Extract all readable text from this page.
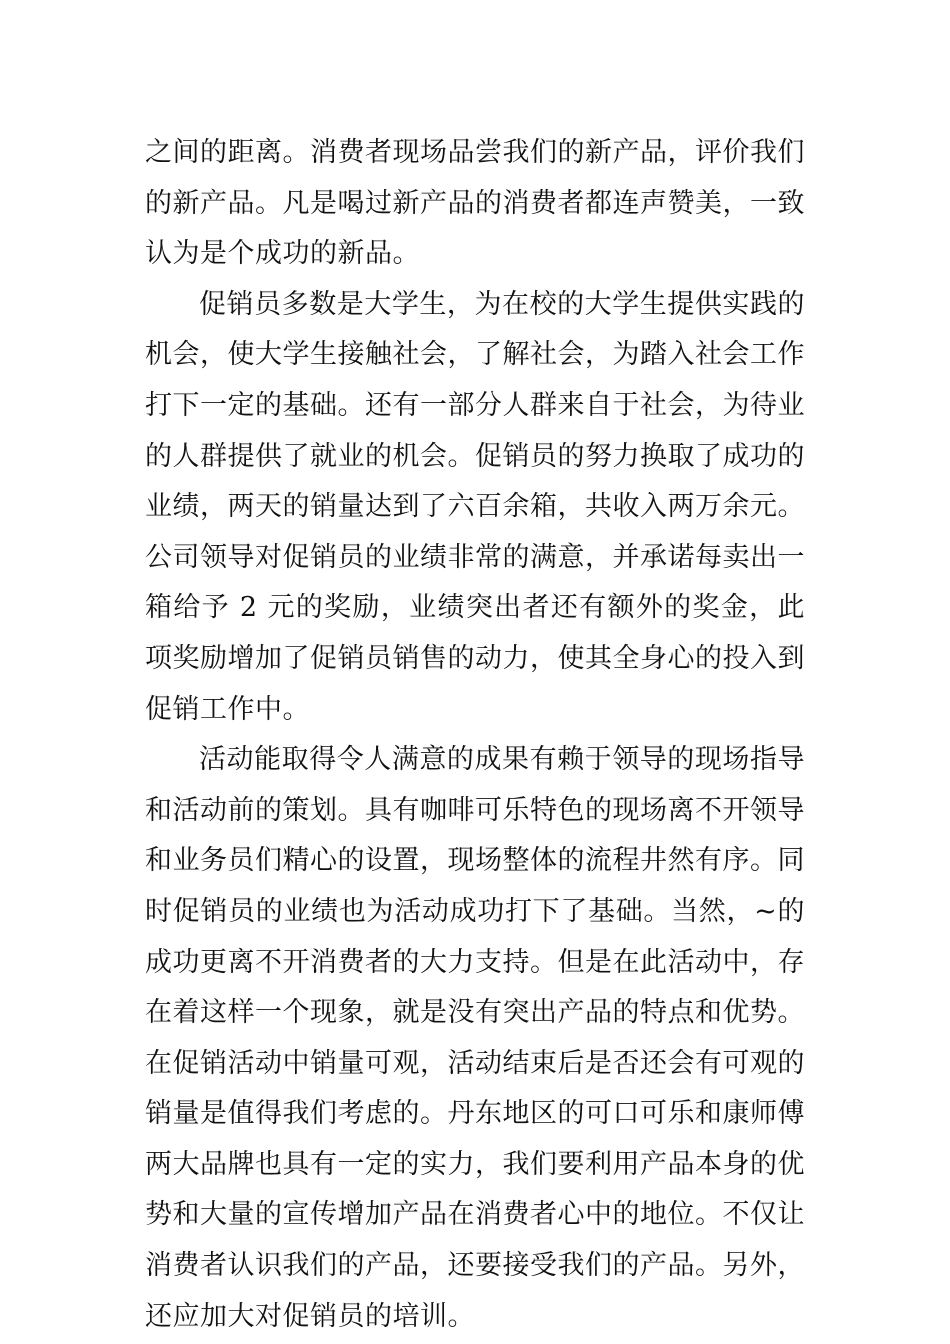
之间的距离。消费者现场品尝我们的新产品，评价我们的新产品。凡是喝过新产品的消费者都连声赞美，一致认为是个成功的新品。

促销员多数是大学生，为在校的大学生提供实践的机会，使大学生接触社会，了解社会，为踏入社会工作打下一定的基础。还有一部分人群来自于社会，为待业的人群提供了就业的机会。促销员的努力换取了成功的业绩，两天的销量达到了六百余箱，共收入两万余元。公司领导对促销员的业绩非常的满意，并承诺每卖出一箱给予 2 元的奖励，业绩突出者还有额外的奖金，此项奖励增加了促销员销售的动力，使其全身心的投入到促销工作中。

活动能取得令人满意的成果有赖于领导的现场指导和活动前的策划。具有咖啡可乐特色的现场离不开领导和业务员们精心的设置，现场整体的流程井然有序。同时促销员的业绩也为活动成功打下了基础。当然，~的成功更离不开消费者的大力支持。但是在此活动中，存在着这样一个现象，就是没有突出产品的特点和优势。在促销活动中销量可观，活动结束后是否还会有可观的销量是值得我们考虑的。丹东地区的可口可乐和康师傅两大品牌也具有一定的实力，我们要利用产品本身的优势和大量的宣传增加产品在消费者心中的地位。不仅让消费者认识我们的产品，还要接受我们的产品。另外，还应加大对促销员的培训。
